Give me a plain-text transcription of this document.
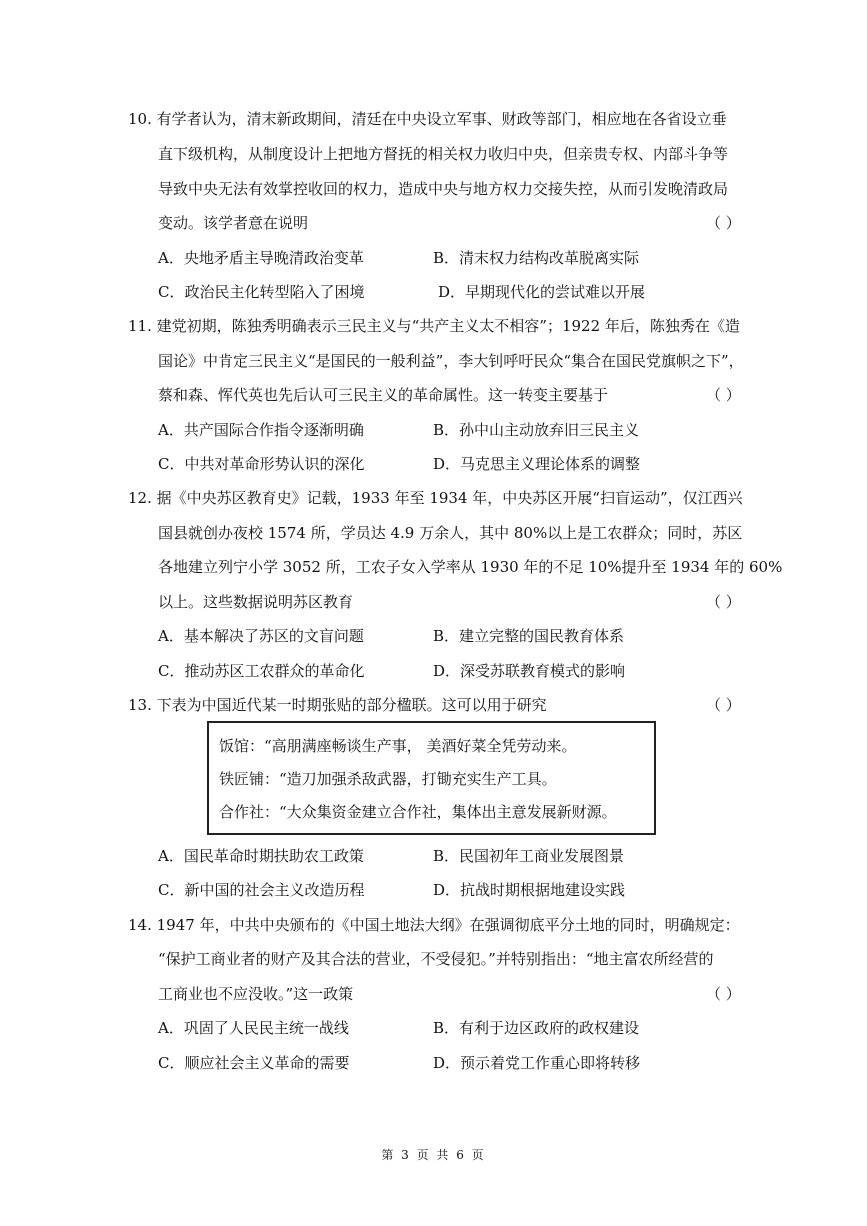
10. 有学者认为，清末新政期间，清廷在中央设立军事、财政等部门，相应地在各省设立垂
直下级机构，从制度设计上把地方督抚的相关权力收归中央，但亲贵专权、内部斗争等
导致中央无法有效掌控收回的权力，造成中央与地方权力交接失控，从而引发晚清政局
变动。该学者意在说明	（ ）
A．央地矛盾主导晚清政治变革	B．清末权力结构改革脱离实际
C．政治民主化转型陷入了困境	D．早期现代化的尝试难以开展
11. 建党初期，陈独秀明确表示三民主义与“共产主义太不相容”；1922 年后，陈独秀在《造
国论》中肯定三民主义“是国民的一般利益”，李大钊呼吁民众“集合在国民党旗帜之下”，
蔡和森、恽代英也先后认可三民主义的革命属性。这一转变主要基于	（ ）
A．共产国际合作指令逐渐明确	B．孙中山主动放弃旧三民主义
C．中共对革命形势认识的深化	D．马克思主义理论体系的调整
12. 据《中央苏区教育史》记载，1933 年至 1934 年，中央苏区开展“扫盲运动”，仅江西兴
国县就创办夜校 1574 所，学员达 4.9 万余人，其中 80%以上是工农群众；同时，苏区
各地建立列宁小学 3052 所，工农子女入学率从 1930 年的不足 10%提升至 1934 年的 60%
以上。这些数据说明苏区教育	（ ）
A．基本解决了苏区的文盲问题	B．建立完整的国民教育体系
C．推动苏区工农群众的革命化	D．深受苏联教育模式的影响
13. 下表为中国近代某一时期张贴的部分楹联。这可以用于研究	（ ）
饭馆：“高朋满座畅谈生产事， 美酒好菜全凭劳动来。
铁匠铺：“造刀加强杀敌武器，打锄充实生产工具。
合作社：“大众集资金建立合作社，集体出主意发展新财源。
A．国民革命时期扶助农工政策	B．民国初年工商业发展图景
C．新中国的社会主义改造历程	D．抗战时期根据地建设实践
14. 1947 年，中共中央颁布的《中国土地法大纲》在强调彻底平分土地的同时，明确规定：
“保护工商业者的财产及其合法的营业，不受侵犯。”并特别指出：“地主富农所经营的
工商业也不应没收。”这一政策	（ ）
A．巩固了人民民主统一战线	B．有利于边区政府的政权建设
C．顺应社会主义革命的需要	D．预示着党工作重心即将转移
第 3 页 共 6 页
